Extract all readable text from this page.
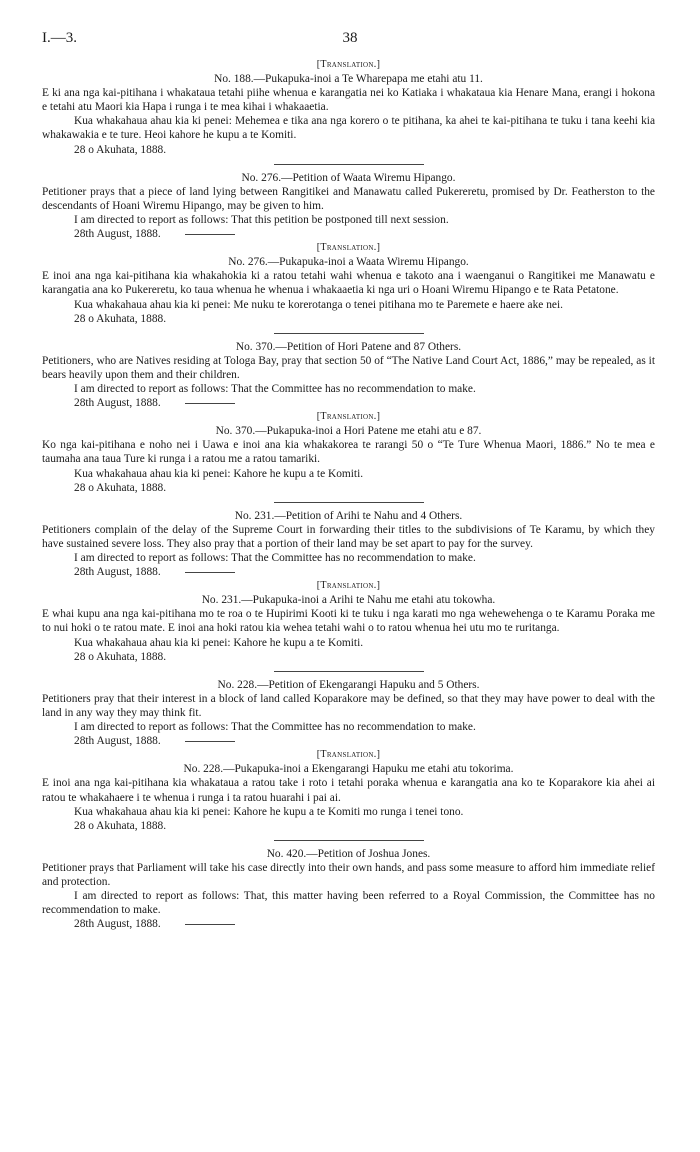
I.—3.	38

[Translation.]

No. 188.—Pukapuka-inoi a Te Wharepapa me etahi atu 11.

E ki ana nga kai-pitihana i whakataua tetahi piihe whenua e karangatia nei ko Katiaka i whakataua kia Henare Mana, erangi i hokona e tetahi atu Maori kia Hapa i runga i te mea kihai i whakaaetia.

Kua whakahaua ahau kia ki penei: Mehemea e tika ana nga korero o te pitihana, ka ahei te kai-pitihana te tuku i tana keehi kia whakawakia e te ture. Heoi kahore he kupu a te Komiti.

28 o Akuhata, 1888.

No. 276.—Petition of Waata Wiremu Hipango.

Petitioner prays that a piece of land lying between Rangitikei and Manawatu called Pukereretu, promised by Dr. Featherston to the descendants of Hoani Wiremu Hipango, may be given to him.

I am directed to report as follows: That this petition be postponed till next session.

28th August, 1888.

[Translation.]

No. 276.—Pukapuka-inoi a Waata Wiremu Hipango.

E inoi ana nga kai-pitihana kia whakahokia ki a ratou tetahi wahi whenua e takoto ana i waenganui o Rangitikei me Manawatu e karangatia ana ko Pukereretu, ko taua whenua he whenua i whakaaetia ki nga uri o Hoani Wiremu Hipango e te Rata Petatone.

Kua whakahaua ahau kia ki penei: Me nuku te korerotanga o tenei pitihana mo te Paremete e haere ake nei.

28 o Akuhata, 1888.

No. 370.—Petition of Hori Patene and 87 Others.

Petitioners, who are Natives residing at Tologa Bay, pray that section 50 of “The Native Land Court Act, 1886,” may be repealed, as it bears heavily upon them and their children.

I am directed to report as follows: That the Committee has no recommendation to make.

28th August, 1888.

[Translation.]

No. 370.—Pukapuka-inoi a Hori Patene me etahi atu e 87.

Ko nga kai-pitihana e noho nei i Uawa e inoi ana kia whakakorea te rarangi 50 o “Te Ture Whenua Maori, 1886.” No te mea e taumaha ana taua Ture ki runga i a ratou me a ratou tamariki.

Kua whakahaua ahau kia ki penei: Kahore he kupu a te Komiti.

28 o Akuhata, 1888.

No. 231.—Petition of Arihi te Nahu and 4 Others.

Petitioners complain of the delay of the Supreme Court in forwarding their titles to the subdivisions of Te Karamu, by which they have sustained severe loss. They also pray that a portion of their land may be set apart to pay for the survey.

I am directed to report as follows: That the Committee has no recommendation to make.

28th August, 1888.

[Translation.]

No. 231.—Pukapuka-inoi a Arihi te Nahu me etahi atu tokowha.

E whai kupu ana nga kai-pitihana mo te roa o te Hupirimi Kooti ki te tuku i nga karati mo nga wehewehenga o te Karamu Poraka me to nui hoki o te ratou mate. E inoi ana hoki ratou kia wehea tetahi wahi o to ratou whenua hei utu mo te ruritanga.

Kua whakahaua ahau kia ki penei: Kahore he kupu a te Komiti.

28 o Akuhata, 1888.

No. 228.—Petition of Ekengarangi Hapuku and 5 Others.

Petitioners pray that their interest in a block of land called Koparakore may be defined, so that they may have power to deal with the land in any way they may think fit.

I am directed to report as follows: That the Committee has no recommendation to make.

28th August, 1888.

[Translation.]

No. 228.—Pukapuka-inoi a Ekengarangi Hapuku me etahi atu tokorima.

E inoi ana nga kai-pitihana kia whakataua a ratou take i roto i tetahi poraka whenua e karangatia ana ko te Koparakore kia ahei ai ratou te whakahaere i te whenua i runga i ta ratou huarahi i pai ai.

Kua whakahaua ahau kia ki penei: Kahore he kupu a te Komiti mo runga i tenei tono.

28 o Akuhata, 1888.

No. 420.—Petition of Joshua Jones.

Petitioner prays that Parliament will take his case directly into their own hands, and pass some measure to afford him immediate relief and protection.

I am directed to report as follows: That, this matter having been referred to a Royal Commission, the Committee has no recommendation to make.

28th August, 1888.
